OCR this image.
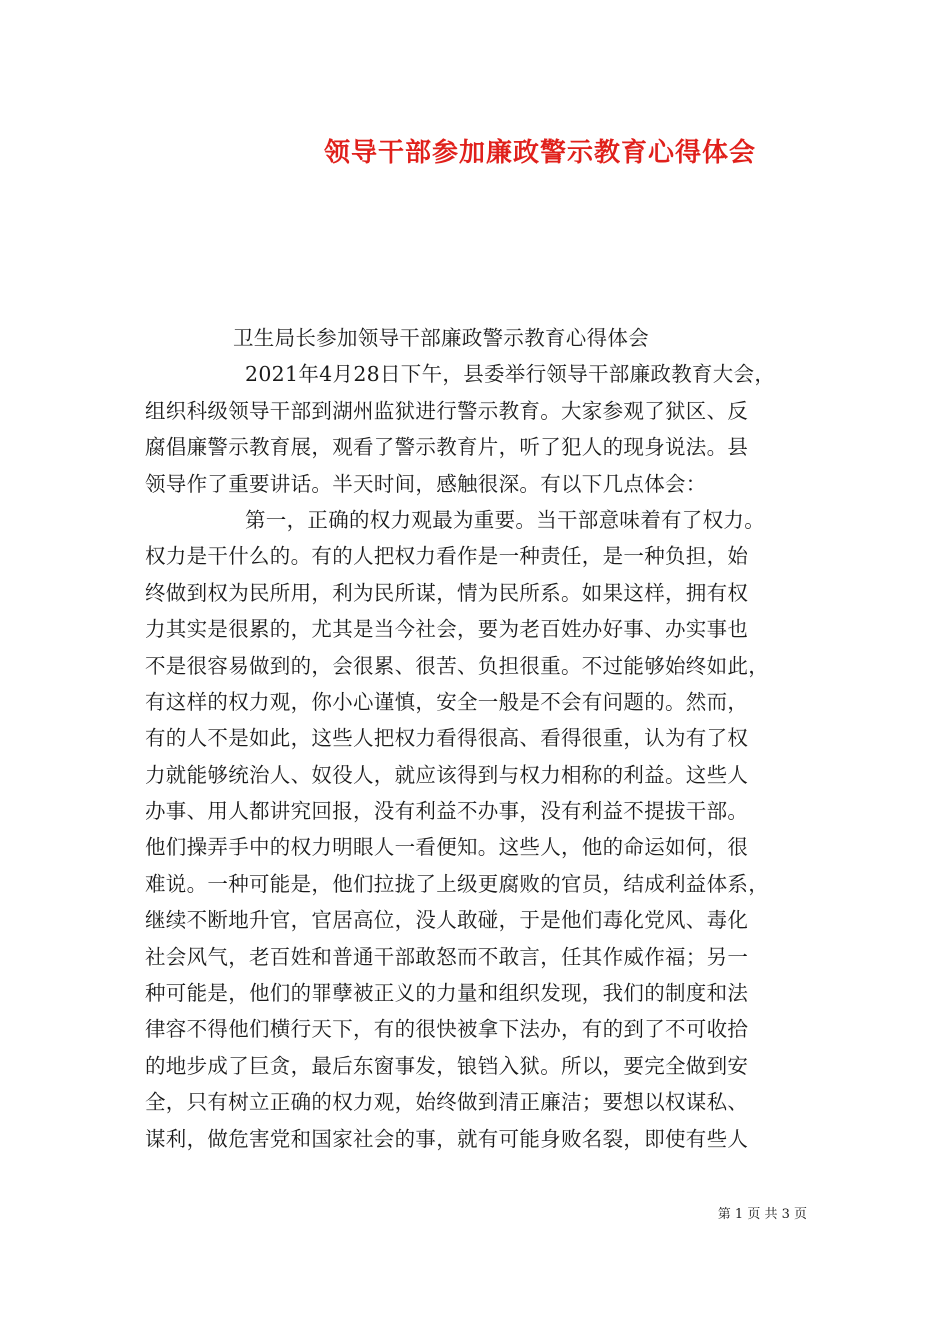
领导干部参加廉政警示教育心得体会
卫生局长参加领导干部廉政警示教育心得体会
2021年4月28日下午，县委举行领导干部廉政教育大会，
组织科级领导干部到湖州监狱进行警示教育。大家参观了狱区、反
腐倡廉警示教育展，观看了警示教育片，听了犯人的现身说法。县
领导作了重要讲话。半天时间，感触很深。有以下几点体会：
第一，正确的权力观最为重要。当干部意味着有了权力。
权力是干什么的。有的人把权力看作是一种责任，是一种负担，始
终做到权为民所用，利为民所谋，情为民所系。如果这样，拥有权
力其实是很累的，尤其是当今社会，要为老百姓办好事、办实事也
不是很容易做到的，会很累、很苦、负担很重。不过能够始终如此，
有这样的权力观，你小心谨慎，安全一般是不会有问题的。然而，
有的人不是如此，这些人把权力看得很高、看得很重，认为有了权
力就能够统治人、奴役人，就应该得到与权力相称的利益。这些人
办事、用人都讲究回报，没有利益不办事，没有利益不提拔干部。
他们操弄手中的权力明眼人一看便知。这些人，他的命运如何，很
难说。一种可能是，他们拉拢了上级更腐败的官员，结成利益体系，
继续不断地升官，官居高位，没人敢碰，于是他们毒化党风、毒化
社会风气，老百姓和普通干部敢怒而不敢言，任其作威作福；另一
种可能是，他们的罪孽被正义的力量和组织发现，我们的制度和法
律容不得他们横行天下，有的很快被拿下法办，有的到了不可收拾
的地步成了巨贪，最后东窗事发，锒铛入狱。所以，要完全做到安
全，只有树立正确的权力观，始终做到清正廉洁；要想以权谋私、
谋利，做危害党和国家社会的事，就有可能身败名裂，即使有些人
第 1 页 共 3 页
